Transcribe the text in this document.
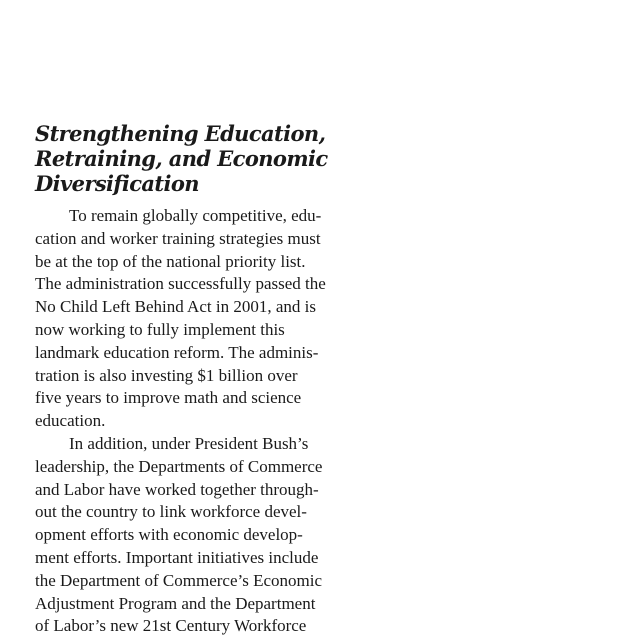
Strengthening Education,
Retraining, and Economic
Diversification
To remain globally competitive, edu-
cation and worker training strategies must
be at the top of the national priority list.
The administration successfully passed the
No Child Left Behind Act in 2001, and is
now working to fully implement this
landmark education reform. The adminis-
tration is also investing $1 billion over
five years to improve math and science
education.
In addition, under President Bush’s
leadership, the Departments of Commerce
and Labor have worked together through-
out the country to link workforce devel-
opment efforts with economic develop-
ment efforts. Important initiatives include
the Department of Commerce’s Economic
Adjustment Program and the Department
of Labor’s new 21st Century Workforce
